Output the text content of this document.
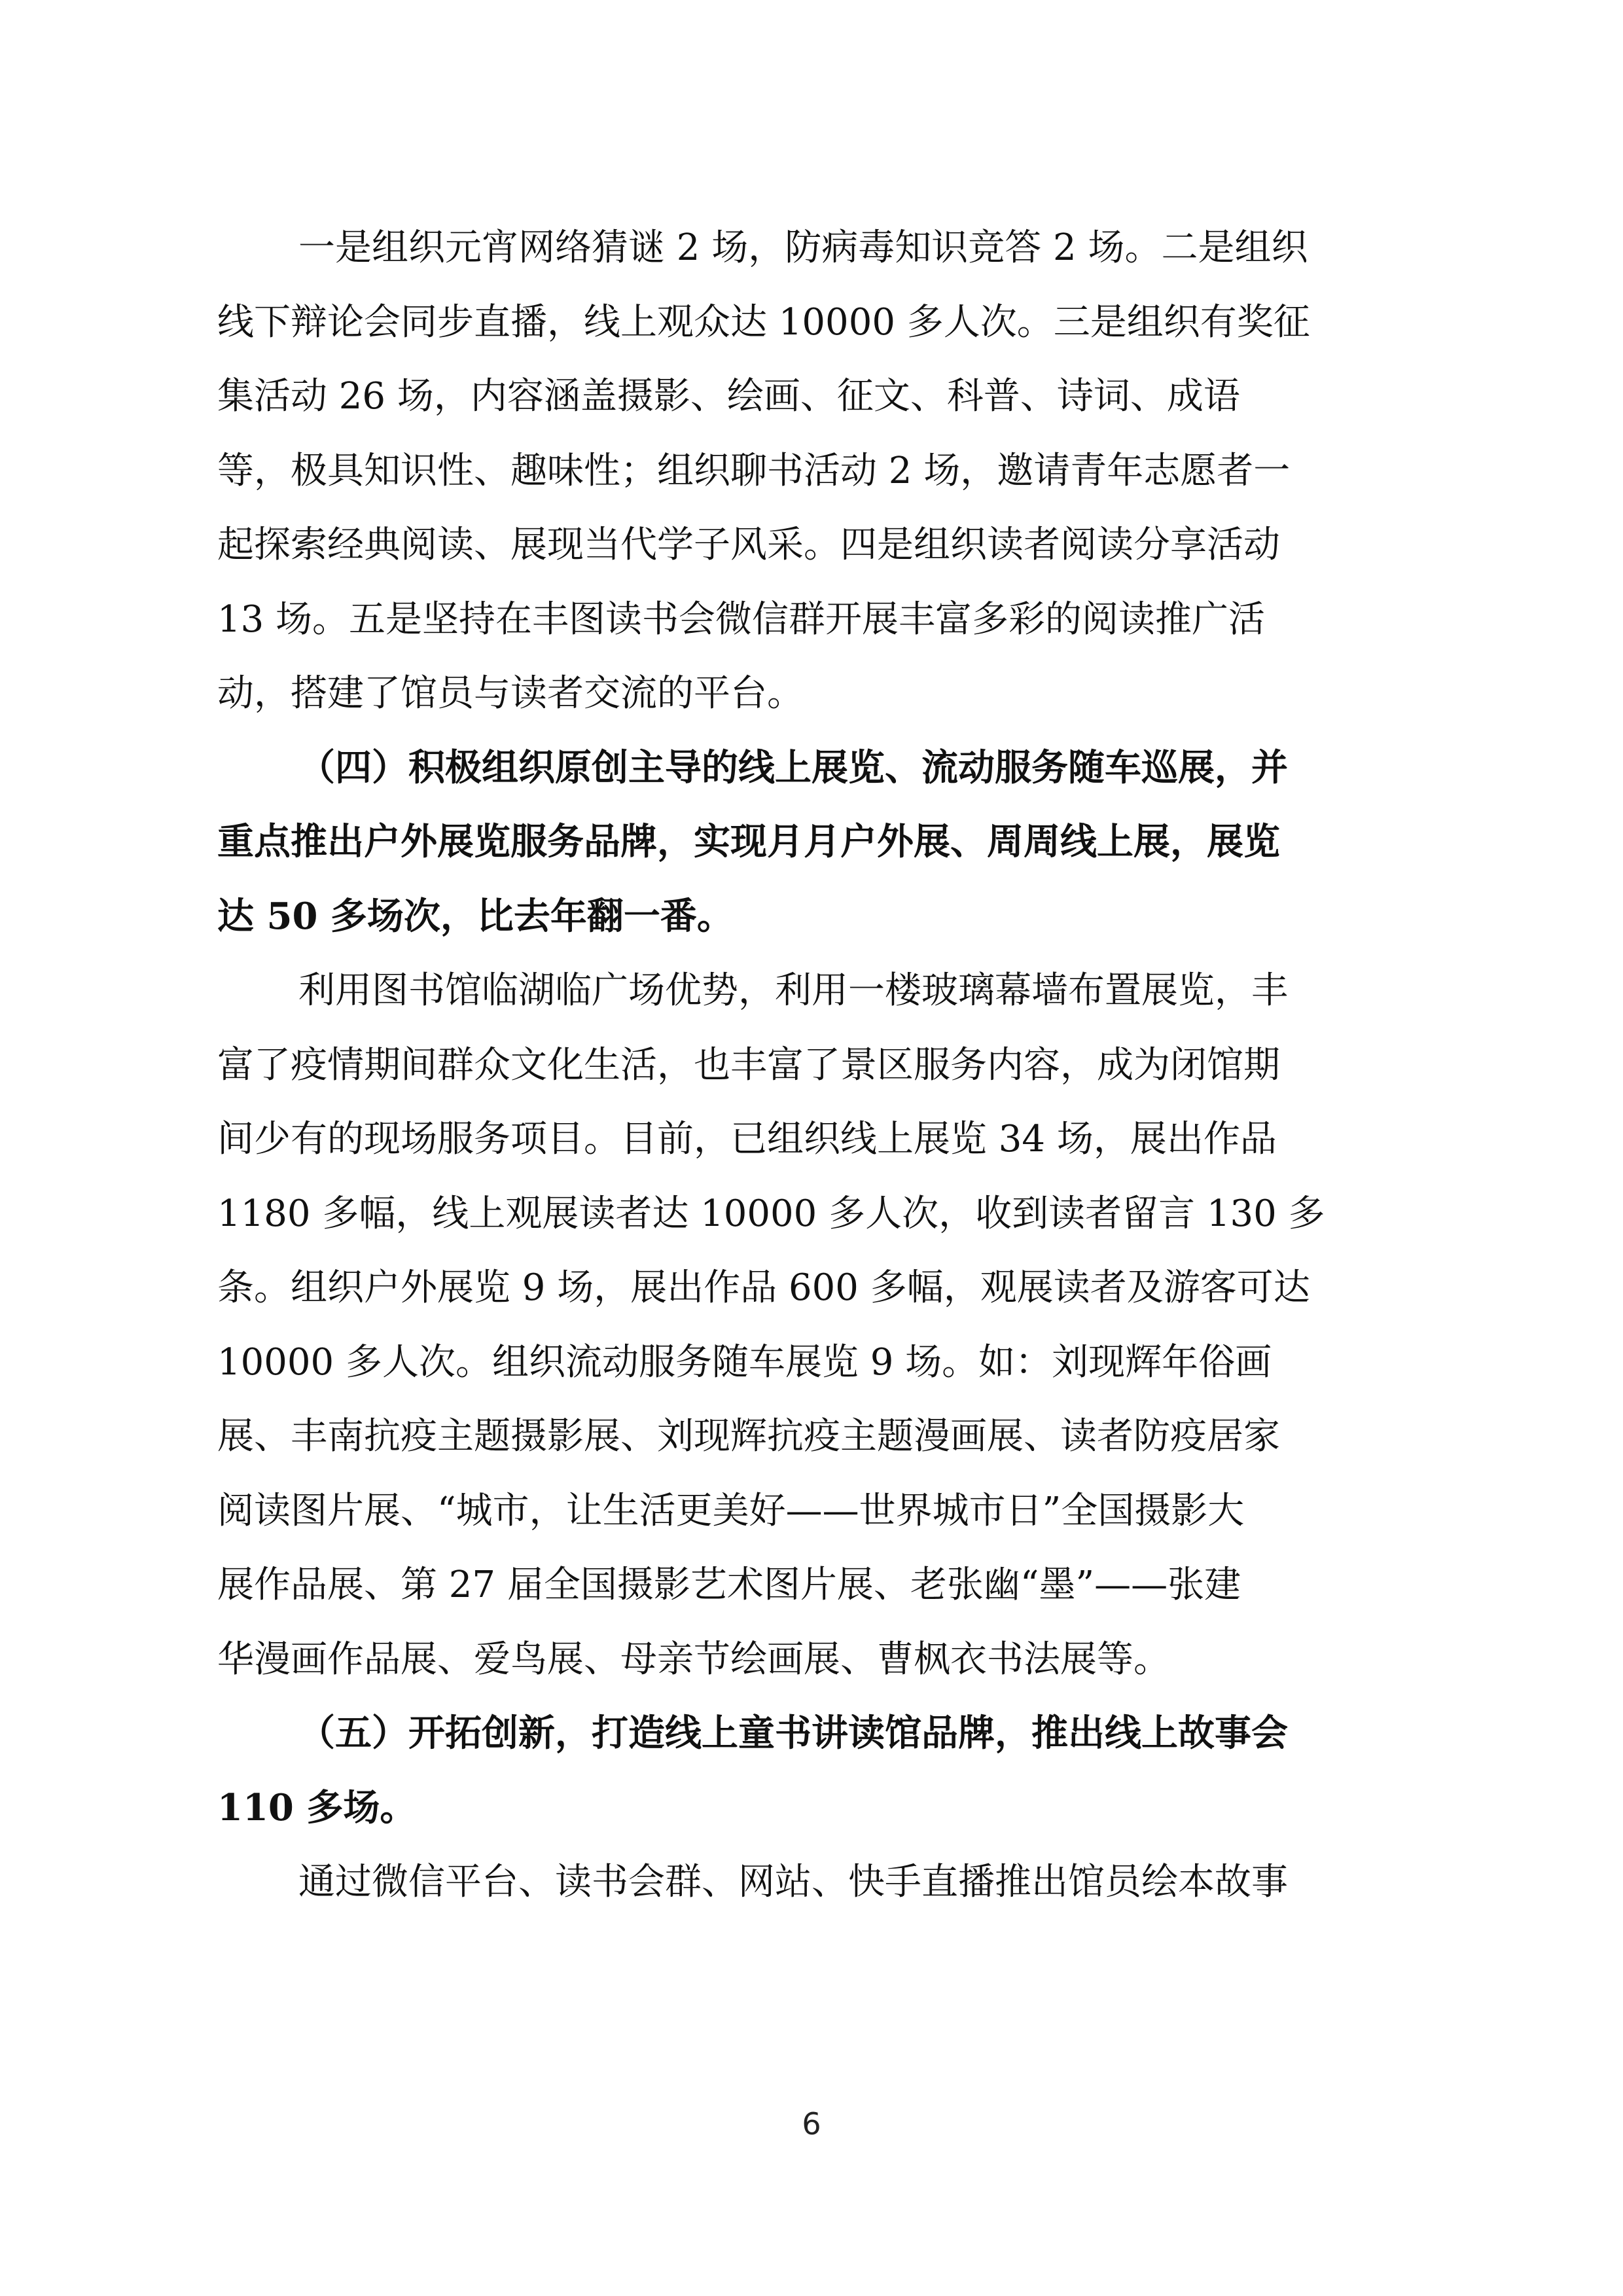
一是组织元宵网络猜谜 2 场，防病毒知识竞答 2 场。二是组织
线下辩论会同步直播，线上观众达 10000 多人次。三是组织有奖征
集活动 26 场，内容涵盖摄影、绘画、征文、科普、诗词、成语
等，极具知识性、趣味性；组织聊书活动 2 场，邀请青年志愿者一
起探索经典阅读、展现当代学子风采。四是组织读者阅读分享活动
13 场。五是坚持在丰图读书会微信群开展丰富多彩的阅读推广活
动，搭建了馆员与读者交流的平台。

（四）积极组织原创主导的线上展览、流动服务随车巡展，并
重点推出户外展览服务品牌，实现月月户外展、周周线上展，展览
达 50 多场次，比去年翻一番。

利用图书馆临湖临广场优势，利用一楼玻璃幕墙布置展览，丰
富了疫情期间群众文化生活，也丰富了景区服务内容，成为闭馆期
间少有的现场服务项目。目前，已组织线上展览 34 场，展出作品
1180 多幅，线上观展读者达 10000 多人次，收到读者留言 130 多
条。组织户外展览 9 场，展出作品 600 多幅，观展读者及游客可达
10000 多人次。组织流动服务随车展览 9 场。如：刘现辉年俗画
展、丰南抗疫主题摄影展、刘现辉抗疫主题漫画展、读者防疫居家
阅读图片展、“城市，让生活更美好——世界城市日”全国摄影大
展作品展、第 27 届全国摄影艺术图片展、老张幽“墨”——张建
华漫画作品展、爱鸟展、母亲节绘画展、曹枫衣书法展等。

（五）开拓创新，打造线上童书讲读馆品牌，推出线上故事会
110 多场。

通过微信平台、读书会群、网站、快手直播推出馆员绘本故事

6
